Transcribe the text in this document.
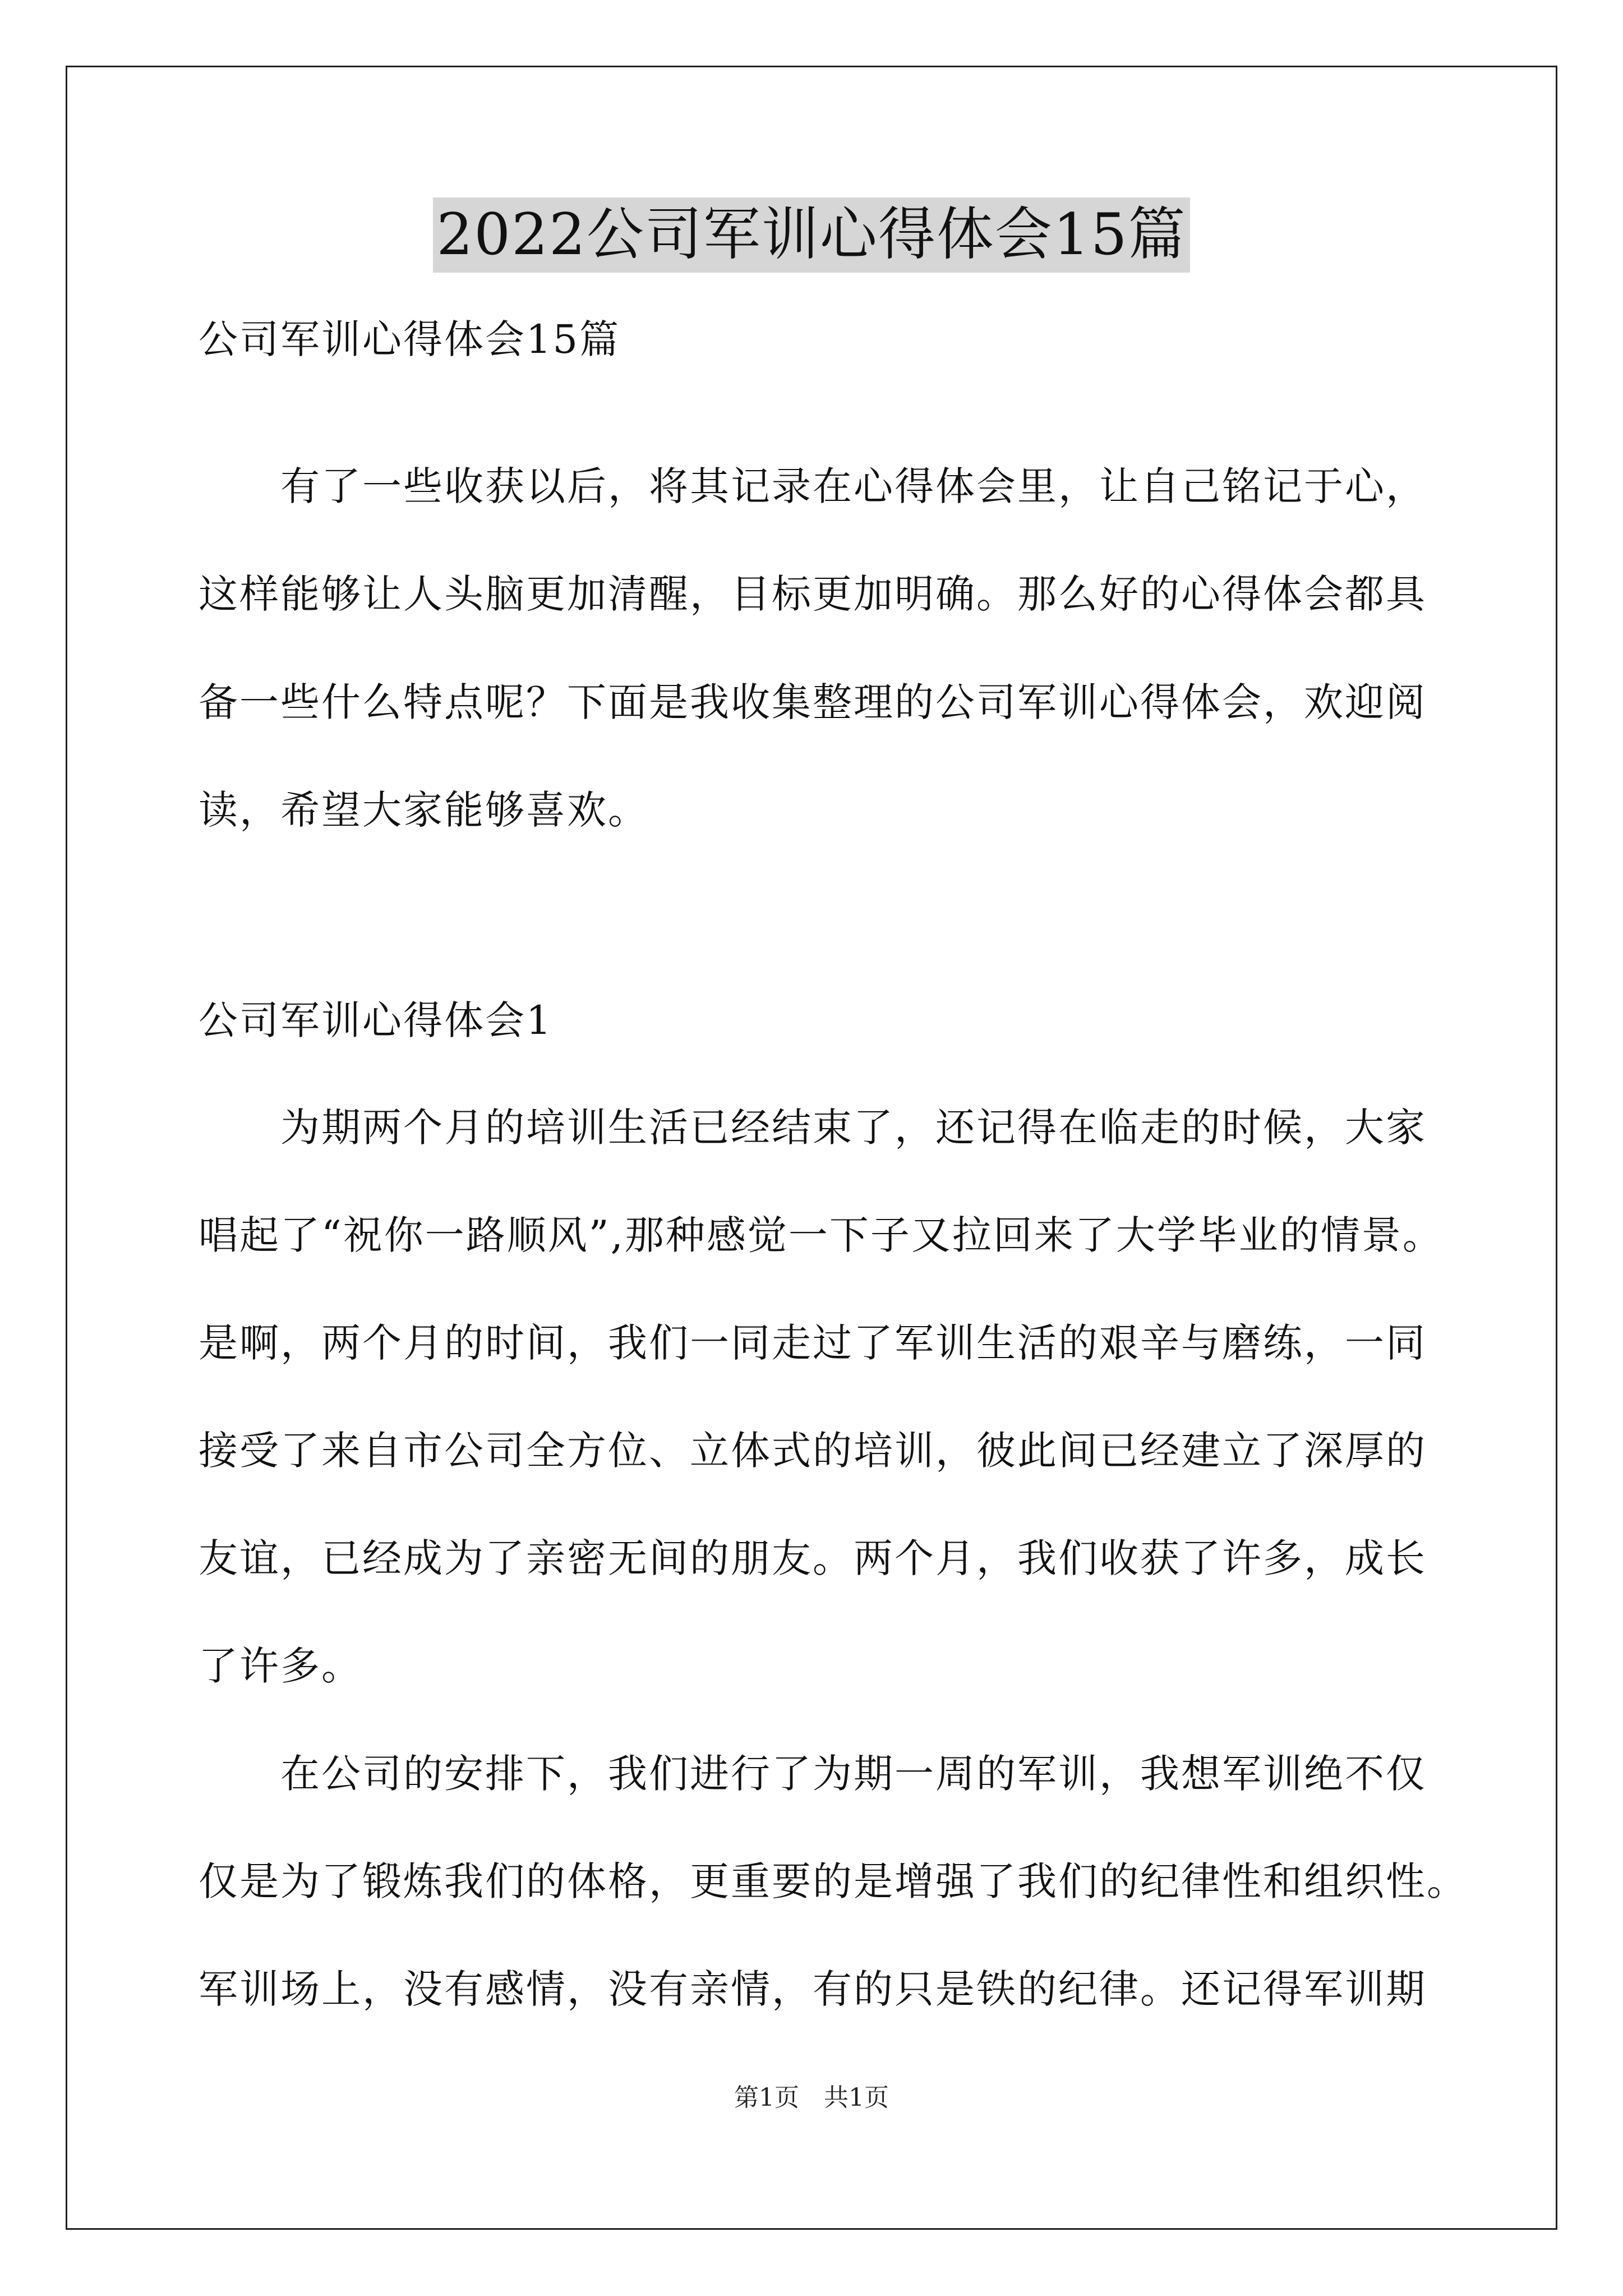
2022公司军训心得体会15篇
公司军训心得体会15篇
　　有了一些收获以后，将其记录在心得体会里，让自己铭记于心，
这样能够让人头脑更加清醒，目标更加明确。那么好的心得体会都具
备一些什么特点呢？下面是我收集整理的公司军训心得体会，欢迎阅
读，希望大家能够喜欢。
公司军训心得体会1
　　为期两个月的培训生活已经结束了，还记得在临走的时候，大家
唱起了“祝你一路顺风”,那种感觉一下子又拉回来了大学毕业的情景。
是啊，两个月的时间，我们一同走过了军训生活的艰辛与磨练，一同
接受了来自市公司全方位、立体式的培训，彼此间已经建立了深厚的
友谊，已经成为了亲密无间的朋友。两个月，我们收获了许多，成长
了许多。
　　在公司的安排下，我们进行了为期一周的军训，我想军训绝不仅
仅是为了锻炼我们的体格，更重要的是增强了我们的纪律性和组织性。
军训场上，没有感情，没有亲情，有的只是铁的纪律。还记得军训期
第1页　共1页
